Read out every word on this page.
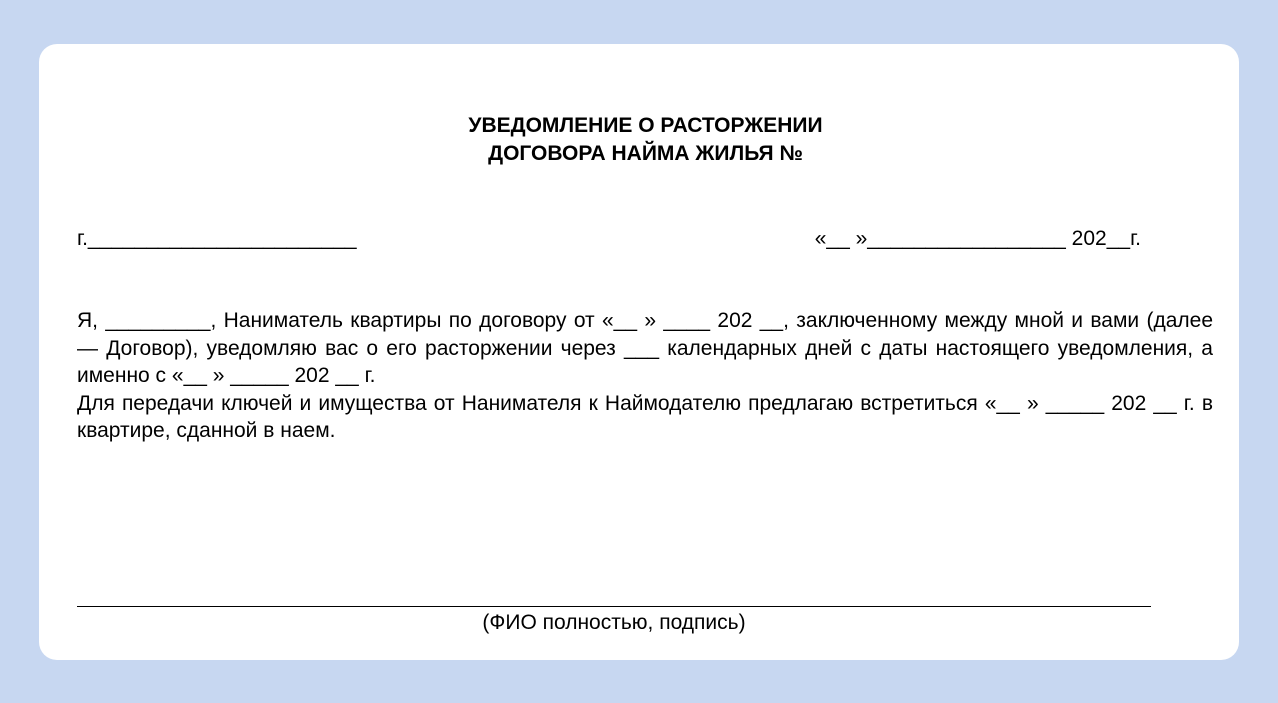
УВЕДОМЛЕНИЕ О РАСТОРЖЕНИИ
ДОГОВОРА НАЙМА ЖИЛЬЯ №
г._______________________	«__ »_________________ 202__г.

Я, _________, Наниматель квартиры по договору от «__ » ____ 202 __, заключенному между мной и вами (далее — Договор), уведомляю вас о его расторжении через ___ календарных дней с даты настоящего уведомления, а именно с «__ » _____ 202 __ г.

Для передачи ключей и имущества от Нанимателя к Наймодателю предлагаю встретиться «__ » _____ 202 __ г. в квартире, сданной в наем.

(ФИО полностью, подпись)
